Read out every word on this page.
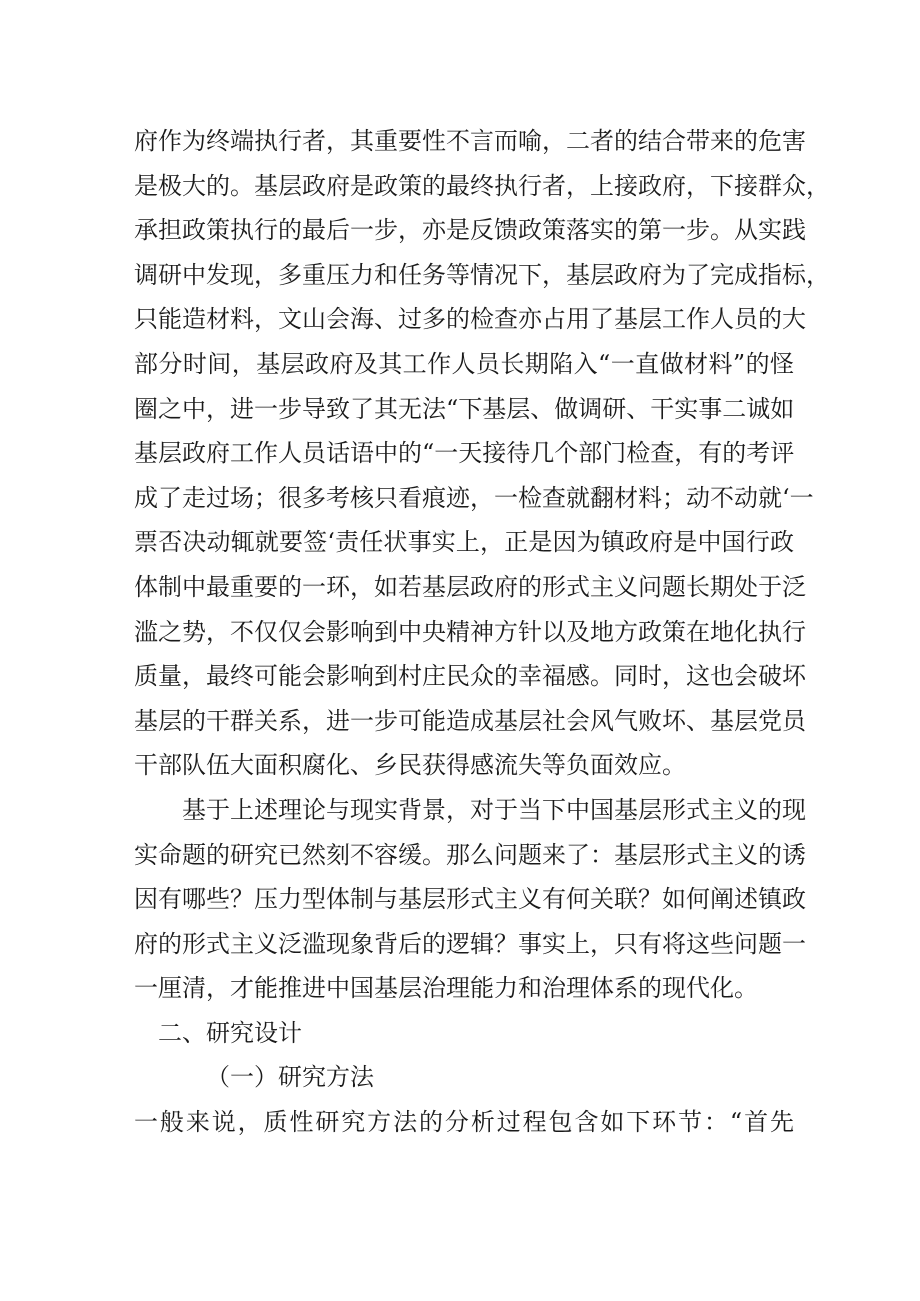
府作为终端执行者，其重要性不言而喻，二者的结合带来的危害
是极大的。基层政府是政策的最终执行者，上接政府，下接群众，
承担政策执行的最后一步，亦是反馈政策落实的第一步。从实践
调研中发现，多重压力和任务等情况下，基层政府为了完成指标，
只能造材料，文山会海、过多的检查亦占用了基层工作人员的大
部分时间，基层政府及其工作人员长期陷入“一直做材料”的怪
圈之中，进一步导致了其无法“下基层、做调研、干实事二诚如
基层政府工作人员话语中的“一天接待几个部门检查，有的考评
成了走过场；很多考核只看痕迹，一检查就翻材料；动不动就‘一
票否决动辄就要签‘责任状事实上，正是因为镇政府是中国行政
体制中最重要的一环，如若基层政府的形式主义问题长期处于泛
滥之势，不仅仅会影响到中央精神方针以及地方政策在地化执行
质量，最终可能会影响到村庄民众的幸福感。同时，这也会破坏
基层的干群关系，进一步可能造成基层社会风气败坏、基层党员
干部队伍大面积腐化、乡民获得感流失等负面效应。
基于上述理论与现实背景，对于当下中国基层形式主义的现
实命题的研究已然刻不容缓。那么问题来了：基层形式主义的诱
因有哪些？压力型体制与基层形式主义有何关联？如何阐述镇政
府的形式主义泛滥现象背后的逻辑？事实上，只有将这些问题一
一厘清，才能推进中国基层治理能力和治理体系的现代化。
二、研究设计
（一）研究方法
一般来说，质性研究方法的分析过程包含如下环节：“首先
